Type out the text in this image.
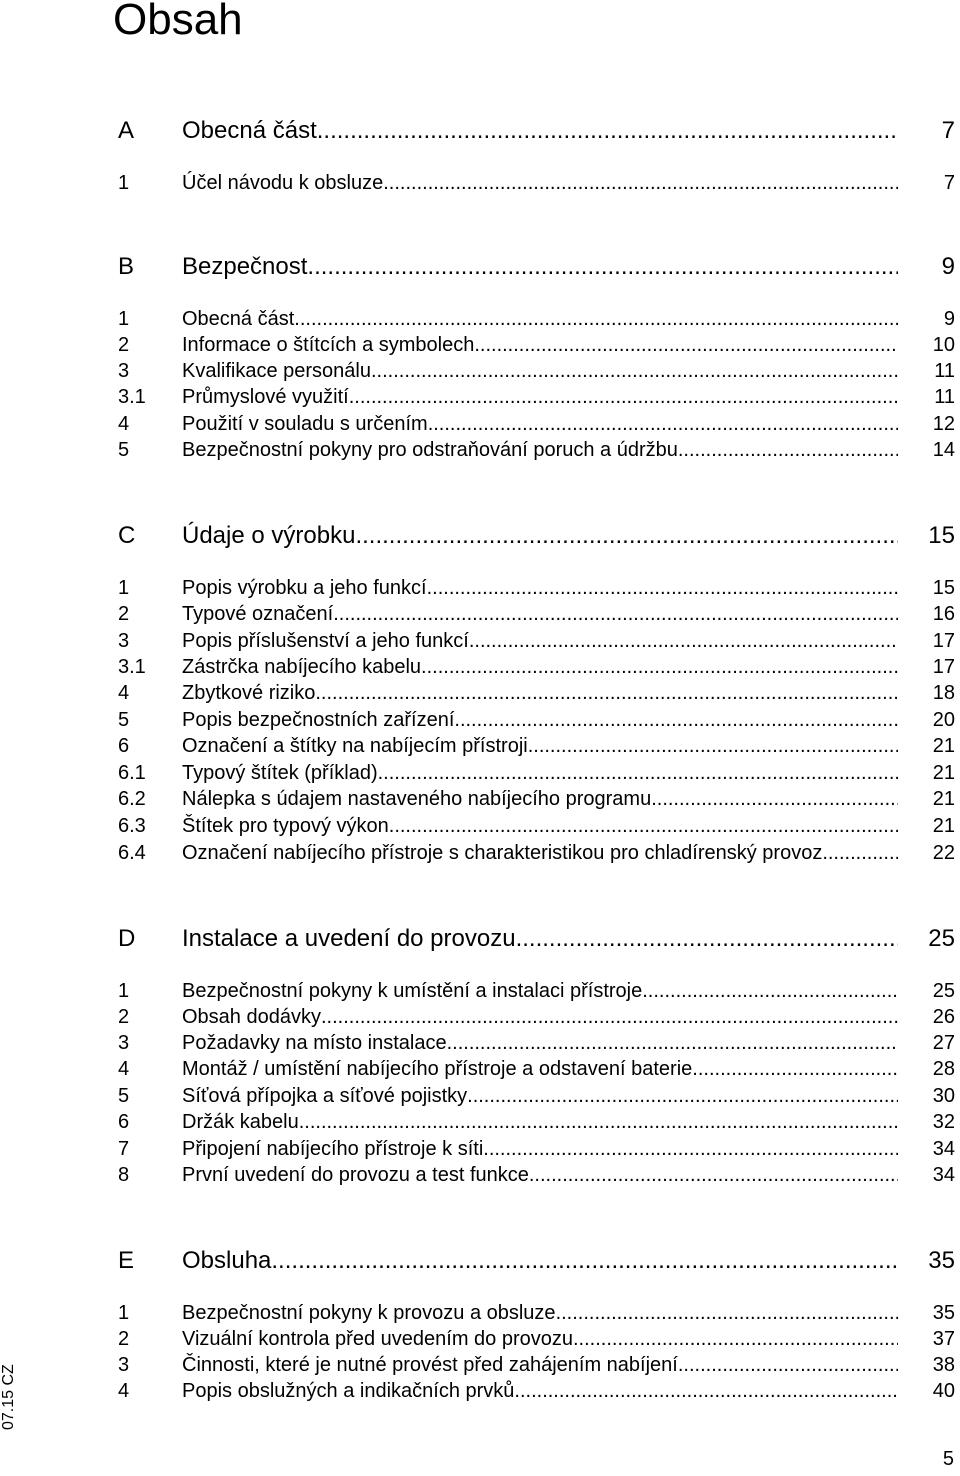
Obsah
A	Obecná část .....	7
1	Účel návodu k obsluze .....	7
B	Bezpečnost .....	9
1	Obecná část .....	9
2	Informace o štítcích a symbolech .....	10
3	Kvalifikace personálu .....	11
3.1	Průmyslové využití .....	11
4	Použití v souladu s určením .....	12
5	Bezpečnostní pokyny pro odstraňování poruch a údržbu .....	14
C	Údaje o výrobku .....	15
1	Popis výrobku a jeho funkcí .....	15
2	Typové označení .....	16
3	Popis příslušenství a jeho funkcí .....	17
3.1	Zástrčka nabíjecího kabelu .....	17
4	Zbytkové riziko .....	18
5	Popis bezpečnostních zařízení .....	20
6	Označení a štítky na nabíjecím přístroji .....	21
6.1	Typový štítek (příklad) .....	21
6.2	Nálepka s údajem nastaveného nabíjecího programu .....	21
6.3	Štítek pro typový výkon .....	21
6.4	Označení nabíjecího přístroje s charakteristikou pro chladírenský provoz .....	22
D	Instalace a uvedení do provozu .....	25
1	Bezpečnostní pokyny k umístění a instalaci přístroje .....	25
2	Obsah dodávky .....	26
3	Požadavky na místo instalace .....	27
4	Montáž / umístění nabíjecího přístroje a odstavení baterie .....	28
5	Síťová přípojka a síťové pojistky .....	30
6	Držák kabelu .....	32
7	Připojení nabíjecího přístroje k síti .....	34
8	První uvedení do provozu a test funkce .....	34
E	Obsluha .....	35
1	Bezpečnostní pokyny k provozu a obsluze .....	35
2	Vizuální kontrola před uvedením do provozu .....	37
3	Činnosti, které je nutné provést před zahájením nabíjení .....	38
4	Popis obslužných a indikačních prvků .....	40
07.15 CZ
5
